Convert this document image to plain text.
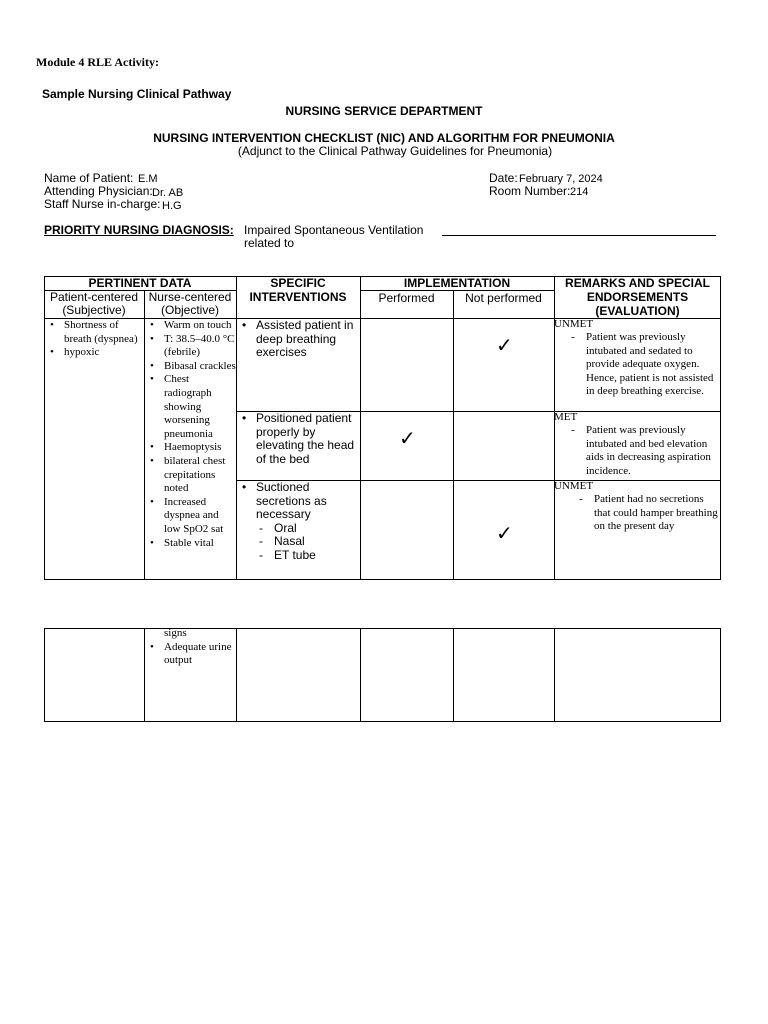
Module 4 RLE Activity:
Sample Nursing Clinical Pathway
NURSING SERVICE DEPARTMENT
NURSING INTERVENTION CHECKLIST (NIC) AND ALGORITHM FOR PNEUMONIA
(Adjunct to the Clinical Pathway Guidelines for Pneumonia)
Name of Patient: E.M
Attending Physician: Dr. AB
Staff Nurse in-charge: H.G
Date: February 7, 2024
Room Number: 214
PRIORITY NURSING DIAGNOSIS: Impaired Spontaneous Ventilation
related to
PERTINENT DATA
Patient-centered
(Subjective)
Nurse-centered
(Objective)
SPECIFIC
INTERVENTIONS
IMPLEMENTATION
Performed	Not performed
REMARKS AND SPECIAL
ENDORSEMENTS
(EVALUATION)
• Shortness of breath (dyspnea)
• hypoxic
• Warm on touch
• T: 38.5–40.0 °C (febrile)
• Bibasal crackles
• Chest radiograph showing worsening pneumonia
• Haemoptysis
• bilateral chest crepitations noted
• Increased dyspnea and low SpO2 sat
• Stable vital
• Assisted patient in deep breathing exercises	✓
UNMET
- Patient was previously intubated and sedated to provide adequate oxygen. Hence, patient is not assisted in deep breathing exercise.
• Positioned patient properly by elevating the head of the bed
✓
MET
- Patient was previously intubated and bed elevation aids in decreasing aspiration incidence.
• Suctioned secretions as necessary
- Oral
- Nasal
- ET tube
✓
UNMET
- Patient had no secretions that could hamper breathing on the present day
signs
• Adequate urine output
